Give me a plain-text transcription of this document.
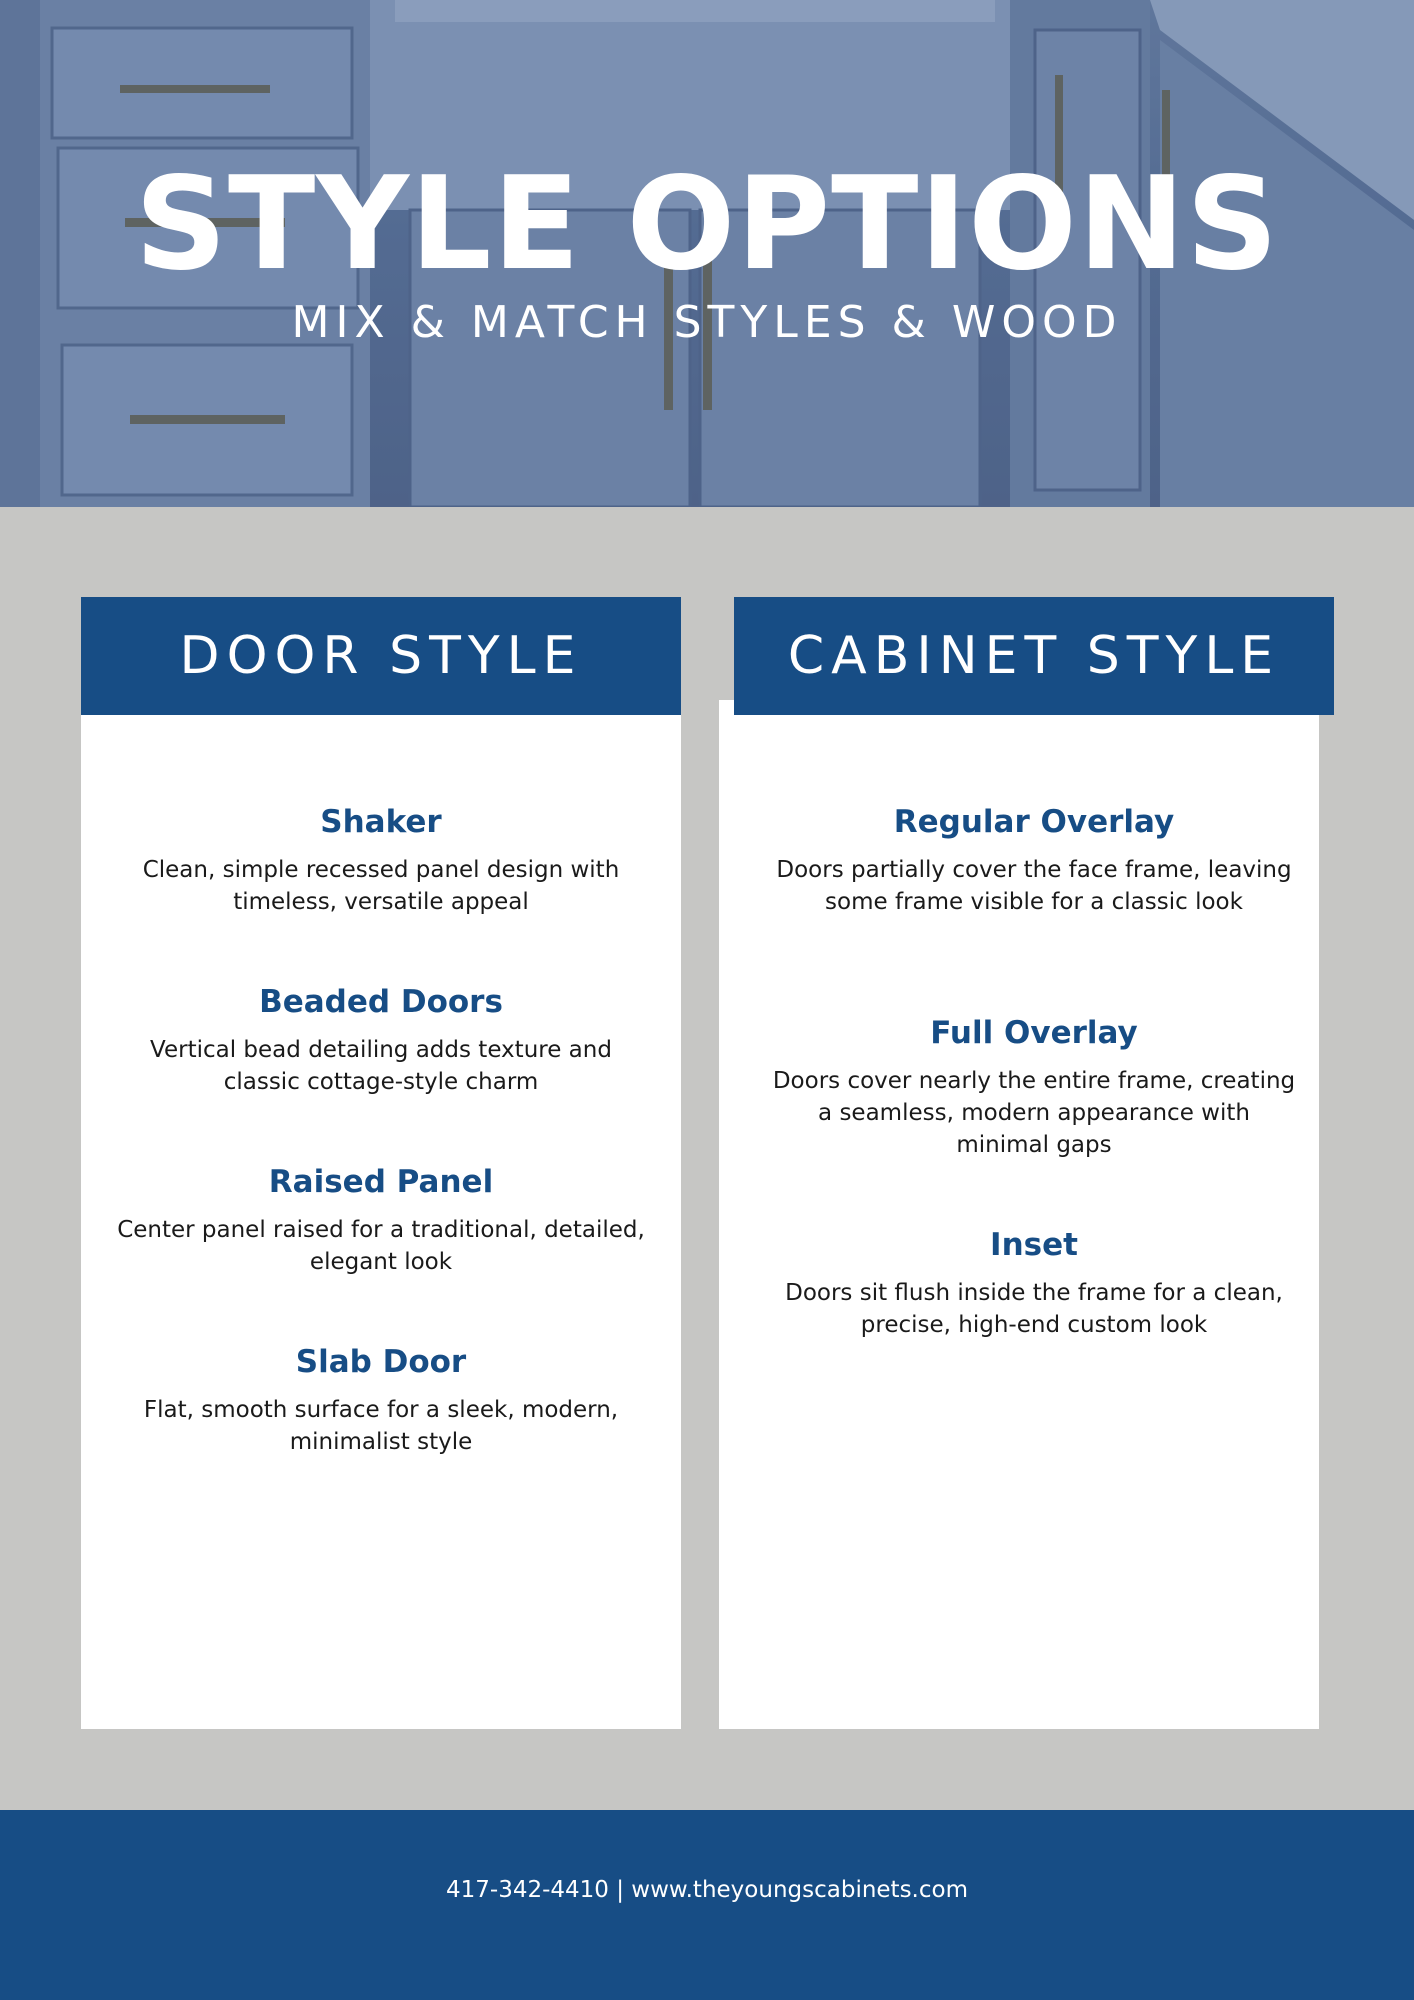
STYLE OPTIONS

MIX & MATCH STYLES & WOOD

DOOR STYLE
Shaker
Clean, simple recessed panel design with timeless, versatile appeal
Beaded Doors
Vertical bead detailing adds texture and classic cottage-style charm
Raised Panel
Center panel raised for a traditional, detailed, elegant look
Slab Door
Flat, smooth surface for a sleek, modern, minimalist style
CABINET STYLE
Regular Overlay
Doors partially cover the face frame, leaving some frame visible for a classic look
Full Overlay
Doors cover nearly the entire frame, creating a seamless, modern appearance with minimal gaps
Inset
Doors sit flush inside the frame for a clean, precise, high-end custom look
417-342-4410 | www.theyoungscabinets.com
